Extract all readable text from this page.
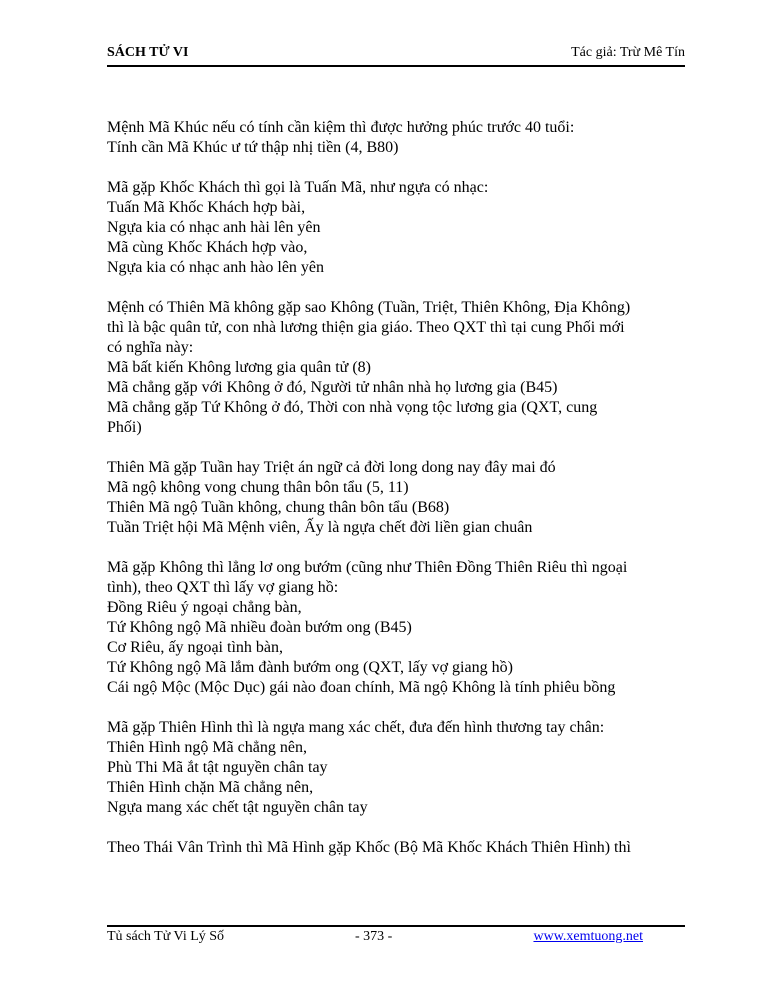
SÁCH TỬ VI	Tác giả: Trừ Mê Tín
Mệnh Mã Khúc nếu có tính cần kiệm thì được hưởng phúc trước 40 tuổi:
Tính cần Mã Khúc ư tứ thập nhị tiền (4, B80)
Mã gặp Khốc Khách thì gọi là Tuấn Mã, như ngựa có nhạc:
Tuấn Mã Khốc Khách hợp bài,
Ngựa kia có nhạc anh hài lên yên
Mã cùng Khốc Khách hợp vào,
Ngựa kia có nhạc anh hào lên yên
Mệnh có Thiên Mã không gặp sao Không (Tuần, Triệt, Thiên Không, Địa Không)
thì là bậc quân tử, con nhà lương thiện gia giáo. Theo QXT thì tại cung Phối mới
có nghĩa này:
Mã bất kiến Không lương gia quân tử (8)
Mã chẳng gặp với Không ở đó, Người tử nhân nhà họ lương gia (B45)
Mã chẳng gặp Tứ Không ở đó, Thời con nhà vọng tộc lương gia (QXT, cung
Phối)
Thiên Mã gặp Tuần hay Triệt án ngữ cả đời long dong nay đây mai đó
Mã ngộ không vong chung thân bôn tẩu (5, 11)
Thiên Mã ngộ Tuần không, chung thân bôn tẩu (B68)
Tuần Triệt hội Mã Mệnh viên, Ấy là ngựa chết đời liền gian chuân
Mã gặp Không thì lẳng lơ ong bướm (cũng như Thiên Đồng Thiên Riêu thì ngoại
tình), theo QXT thì lấy vợ giang hồ:
Đồng Riêu ý ngoại chẳng bàn,
Tứ Không ngộ Mã nhiều đoàn bướm ong (B45)
Cơ Riêu, ấy ngoại tình bàn,
Tứ Không ngộ Mã lắm đành bướm ong (QXT, lấy vợ giang hồ)
Cái ngộ Mộc (Mộc Dục) gái nào đoan chính, Mã ngộ Không là tính phiêu bồng
Mã gặp Thiên Hình thì là ngựa mang xác chết, đưa đến hình thương tay chân:
Thiên Hình ngộ Mã chẳng nên,
Phù Thi Mã ắt tật nguyền chân tay
Thiên Hình chặn Mã chẳng nên,
Ngựa mang xác chết tật nguyền chân tay
Theo Thái Vân Trình thì Mã Hình gặp Khốc (Bộ Mã Khốc Khách Thiên Hình) thì
Tủ sách Tử Vi Lý Số	- 373 -	www.xemtuong.net
